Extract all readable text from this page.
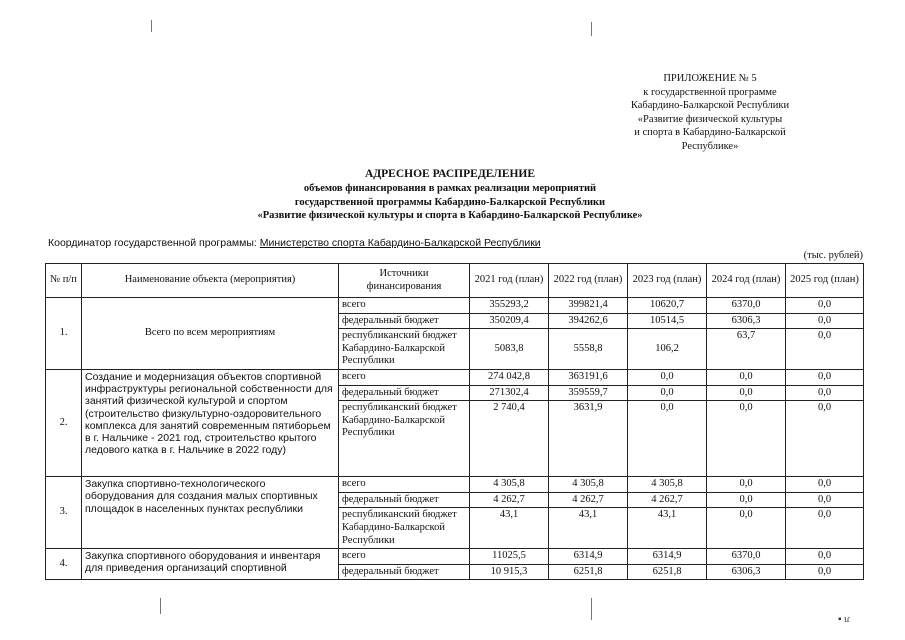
ПРИЛОЖЕНИЕ № 5
к государственной программе
Кабардино-Балкарской Республики
«Развитие физической культуры
и спорта в Кабардино-Балкарской
Республике»
АДРЕСНОЕ РАСПРЕДЕЛЕНИЕ
объемов финансирования в рамках реализации мероприятий
государственной программы Кабардино-Балкарской Республики
«Развитие физической культуры и спорта в Кабардино-Балкарской Республике»
Координатор государственной программы: Министерство спорта Кабардино-Балкарской Республики
(тыс. рублей)
№ п/п	Наименование объекта (мероприятия)	Источники финансирования	2021 год (план)	2022 год (план)	2023 год (план)	2024 год (план)	2025 год (план)
1.	Всего по всем мероприятиям	всего	355293,2	399821,4	10620,7	6370,0	0,0
		федеральный бюджет	350209,4	394262,6	10514,5	6306,3	0,0
		республиканский бюджет Кабардино-Балкарской Республики	5083,8	5558,8	106,2	63,7	0,0
2.	Создание и модернизация объектов спортивной инфраструктуры региональной собственности для занятий физической культурой и спортом (строительство физкультурно-оздоровительного комплекса для занятий современным пятиборьем в г. Нальчике - 2021 год, строительство крытого ледового катка в г. Нальчике в 2022 году)	всего	274 042,8	363191,6	0,0	0,0	0,0
		федеральный бюджет	271302,4	359559,7	0,0	0,0	0,0
		республиканский бюджет Кабардино-Балкарской Республики	2 740,4	3631,9	0,0	0,0	0,0
3.	Закупка спортивно-технологического оборудования для создания малых спортивных площадок в населенных пунктах республики	всего	4 305,8	4 305,8	4 305,8	0,0	0,0
		федеральный бюджет	4 262,7	4 262,7	4 262,7	0,0	0,0
		республиканский бюджет Кабардино-Балкарской Республики	43,1	43,1	43,1	0,0	0,0
4.	Закупка спортивного оборудования и инвентаря для приведения организаций спортивной	всего	11025,5	6314,9	6314,9	6370,0	0,0
		федеральный бюджет	10 915,3	6251,8	6251,8	6306,3	0,0
▪ ɩɾ
